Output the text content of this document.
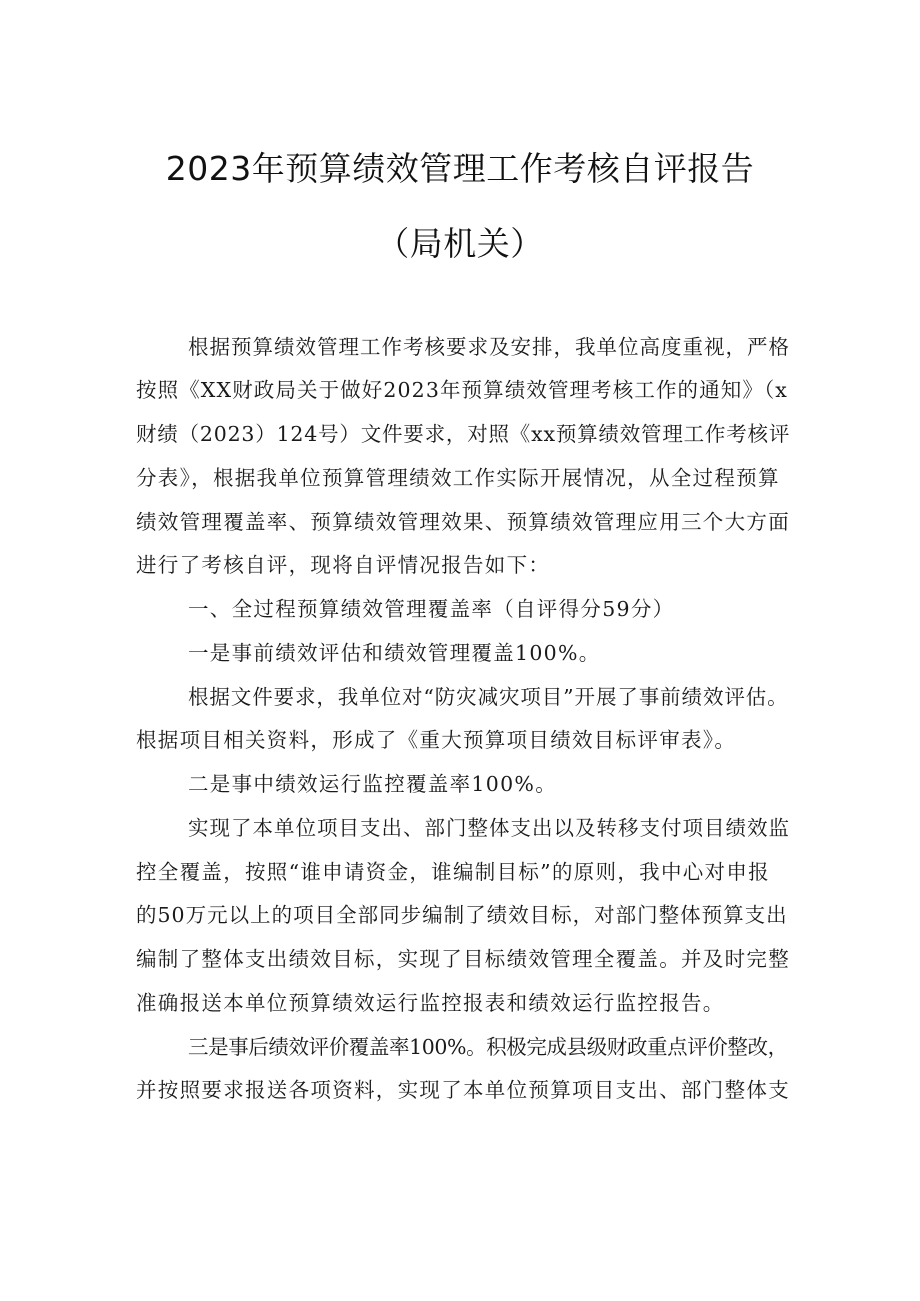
2023年预算绩效管理工作考核自评报告
（局机关）
根据预算绩效管理工作考核要求及安排，我单位高度重视，严格
按照《XX财政局关于做好2023年预算绩效管理考核工作的通知》（x
财绩（2023）124号）文件要求，对照《xx预算绩效管理工作考核评
分表》，根据我单位预算管理绩效工作实际开展情况，从全过程预算
绩效管理覆盖率、预算绩效管理效果、预算绩效管理应用三个大方面
进行了考核自评，现将自评情况报告如下：
一、全过程预算绩效管理覆盖率（自评得分59分）
一是事前绩效评估和绩效管理覆盖100%。
根据文件要求，我单位对“防灾减灾项目”开展了事前绩效评估。
根据项目相关资料，形成了《重大预算项目绩效目标评审表》。
二是事中绩效运行监控覆盖率100%。
实现了本单位项目支出、部门整体支出以及转移支付项目绩效监
控全覆盖，按照“谁申请资金，谁编制目标”的原则，我中心对申报
的50万元以上的项目全部同步编制了绩效目标，对部门整体预算支出
编制了整体支出绩效目标，实现了目标绩效管理全覆盖。并及时完整
准确报送本单位预算绩效运行监控报表和绩效运行监控报告。
三是事后绩效评价覆盖率100%。积极完成县级财政重点评价整改，
并按照要求报送各项资料，实现了本单位预算项目支出、部门整体支
